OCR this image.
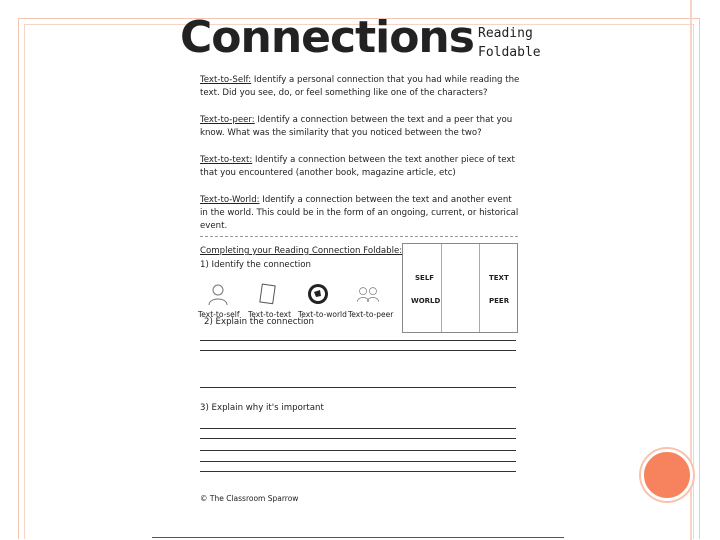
Connections Reading
Foldable
Text-to-Self: Identify a personal connection that you had while reading the text. Did you see, do, or feel something like one of the characters?
Text-to-peer: Identify a connection between the text and a peer that you know. What was the similarity that you noticed between the two?
Text-to-text: Identify a connection between the text another piece of text that you encountered (another book, magazine article, etc)
Text-to-World: Identify a connection between the text and another event in the world. This could be in the form of an ongoing, current, or historical event.
Completing your Reading Connection Foldable:
1) Identify the connection
Text-to-self Text-to-text Text-to-world Text-to-peer
SELF
WORLD
TEXT
PEER
2) Explain the connection
3) Explain why it's important
© The Classroom Sparrow
